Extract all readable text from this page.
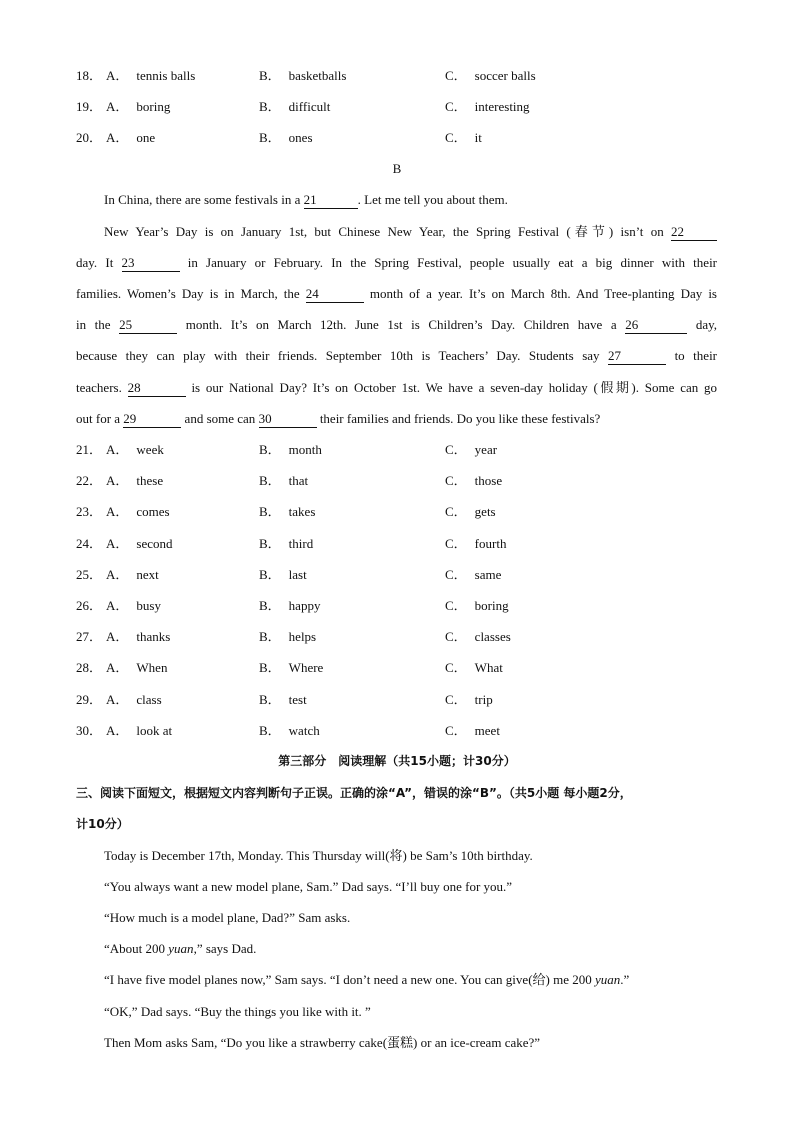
18． A． tennis balls	B． basketballs	C． soccer balls
19． A． boring	B． difficult	C． interesting
20． A． one	B． ones	C． it
B
In China, there are some festivals in a 21	. Let me tell you about them.
New Year’s Day is on January 1st, but Chinese New Year, the Spring Festival (春节) isn’t on 22
day. It 23	in January or February. In the Spring Festival, people usually eat a big dinner with their
families. Women’s Day is in March, the 24	month of a year. It’s on March 8th. And Tree-planting Day is
in the 25	month. It’s on March 12th. June 1st is Children’s Day. Children have a 26	day,
because they can play with their friends. September 10th is Teachers’ Day. Students say 27	to their
teachers. 28	is our National Day? It’s on October 1st. We have a seven-day holiday (假期). Some can go
out for a 29	and some can 30	their families and friends. Do you like these festivals?
21． A． week	B． month	C． year
22． A． these	B． that	C． those
23． A． comes	B． takes	C． gets
24． A． second	B． third	C． fourth
25． A． next	B． last	C． same
26． A． busy	B． happy	C． boring
27． A． thanks	B． helps	C． classes
28． A． When	B． Where	C． What
29． A． class	B． test	C． trip
30． A． look at	B． watch	C． meet
第三部分　阅读理解（共15小题；计30分）
三、阅读下面短文，根据短文内容判断句子正误。正确的涂“A”，错误的涂“B”。（共5小题 每小题2分，
计10分）
Today is December 17th, Monday. This Thursday will(将) be Sam’s 10th birthday.
“You always want a new model plane, Sam.” Dad says. “I’ll buy one for you.”
“How much is a model plane, Dad?” Sam asks.
“About 200 yuan,” says Dad.
“I have five model planes now,” Sam says. “I don’t need a new one. You can give(给) me 200 yuan.”
“OK,” Dad says. “Buy the things you like with it. ”
Then Mom asks Sam, “Do you like a strawberry cake(蛋糕) or an ice-cream cake?”
